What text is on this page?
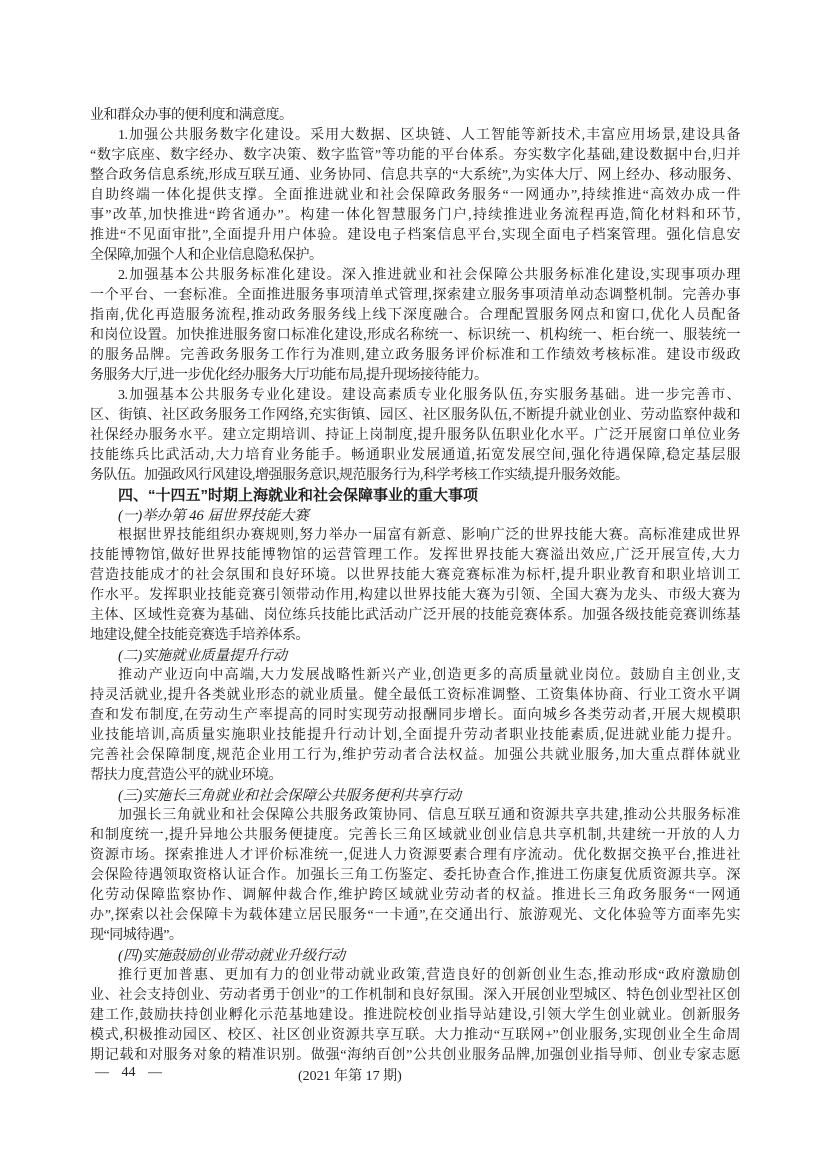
业和群众办事的便利度和满意度。
1.加强公共服务数字化建设。采用大数据、区块链、人工智能等新技术,丰富应用场景,建设具备
“数字底座、数字经办、数字决策、数字监管”等功能的平台体系。夯实数字化基础,建设数据中台,归并
整合政务信息系统,形成互联互通、业务协同、信息共享的“大系统”,为实体大厅、网上经办、移动服务、
自助终端一体化提供支撑。全面推进就业和社会保障政务服务“一网通办”,持续推进“高效办成一件
事”改革,加快推进“跨省通办”。构建一体化智慧服务门户,持续推进业务流程再造,简化材料和环节,
推进“不见面审批”,全面提升用户体验。建设电子档案信息平台,实现全面电子档案管理。强化信息安
全保障,加强个人和企业信息隐私保护。
2.加强基本公共服务标准化建设。深入推进就业和社会保障公共服务标准化建设,实现事项办理
一个平台、一套标准。全面推进服务事项清单式管理,探索建立服务事项清单动态调整机制。完善办事
指南,优化再造服务流程,推动政务服务线上线下深度融合。合理配置服务网点和窗口,优化人员配备
和岗位设置。加快推进服务窗口标准化建设,形成名称统一、标识统一、机构统一、柜台统一、服装统一
的服务品牌。完善政务服务工作行为准则,建立政务服务评价标准和工作绩效考核标准。建设市级政
务服务大厅,进一步优化经办服务大厅功能布局,提升现场接待能力。
3.加强基本公共服务专业化建设。建设高素质专业化服务队伍,夯实服务基础。进一步完善市、
区、街镇、社区政务服务工作网络,充实街镇、园区、社区服务队伍,不断提升就业创业、劳动监察仲裁和
社保经办服务水平。建立定期培训、持证上岗制度,提升服务队伍职业化水平。广泛开展窗口单位业务
技能练兵比武活动,大力培育业务能手。畅通职业发展通道,拓宽发展空间,强化待遇保障,稳定基层服
务队伍。加强政风行风建设,增强服务意识,规范服务行为,科学考核工作实绩,提升服务效能。
四、“十四五”时期上海就业和社会保障事业的重大事项
(一)举办第 46 届世界技能大赛
根据世界技能组织办赛规则,努力举办一届富有新意、影响广泛的世界技能大赛。高标准建成世界
技能博物馆,做好世界技能博物馆的运营管理工作。发挥世界技能大赛溢出效应,广泛开展宣传,大力
营造技能成才的社会氛围和良好环境。以世界技能大赛竞赛标准为标杆,提升职业教育和职业培训工
作水平。发挥职业技能竞赛引领带动作用,构建以世界技能大赛为引领、全国大赛为龙头、市级大赛为
主体、区域性竞赛为基础、岗位练兵技能比武活动广泛开展的技能竞赛体系。加强各级技能竞赛训练基
地建设,健全技能竞赛选手培养体系。
(二)实施就业质量提升行动
推动产业迈向中高端,大力发展战略性新兴产业,创造更多的高质量就业岗位。鼓励自主创业,支
持灵活就业,提升各类就业形态的就业质量。健全最低工资标准调整、工资集体协商、行业工资水平调
查和发布制度,在劳动生产率提高的同时实现劳动报酬同步增长。面向城乡各类劳动者,开展大规模职
业技能培训,高质量实施职业技能提升行动计划,全面提升劳动者职业技能素质,促进就业能力提升。
完善社会保障制度,规范企业用工行为,维护劳动者合法权益。加强公共就业服务,加大重点群体就业
帮扶力度,营造公平的就业环境。
(三)实施长三角就业和社会保障公共服务便利共享行动
加强长三角就业和社会保障公共服务政策协同、信息互联互通和资源共享共建,推动公共服务标准
和制度统一,提升异地公共服务便捷度。完善长三角区域就业创业信息共享机制,共建统一开放的人力
资源市场。探索推进人才评价标准统一,促进人力资源要素合理有序流动。优化数据交换平台,推进社
会保险待遇领取资格认证合作。加强长三角工伤鉴定、委托协查合作,推进工伤康复优质资源共享。深
化劳动保障监察协作、调解仲裁合作,维护跨区域就业劳动者的权益。推进长三角政务服务“一网通
办”,探索以社会保障卡为载体建立居民服务“一卡通”,在交通出行、旅游观光、文化体验等方面率先实
现“同城待遇”。
(四)实施鼓励创业带动就业升级行动
推行更加普惠、更加有力的创业带动就业政策,营造良好的创新创业生态,推动形成“政府激励创
业、社会支持创业、劳动者勇于创业”的工作机制和良好氛围。深入开展创业型城区、特色创业型社区创
建工作,鼓励扶持创业孵化示范基地建设。推进院校创业指导站建设,引领大学生创业就业。创新服务
模式,积极推动园区、校区、社区创业资源共享互联。大力推动“互联网+”创业服务,实现创业全生命周
期记载和对服务对象的精准识别。做强“海纳百创”公共创业服务品牌,加强创业指导师、创业专家志愿
— 44 —	(2021 年第 17 期)
